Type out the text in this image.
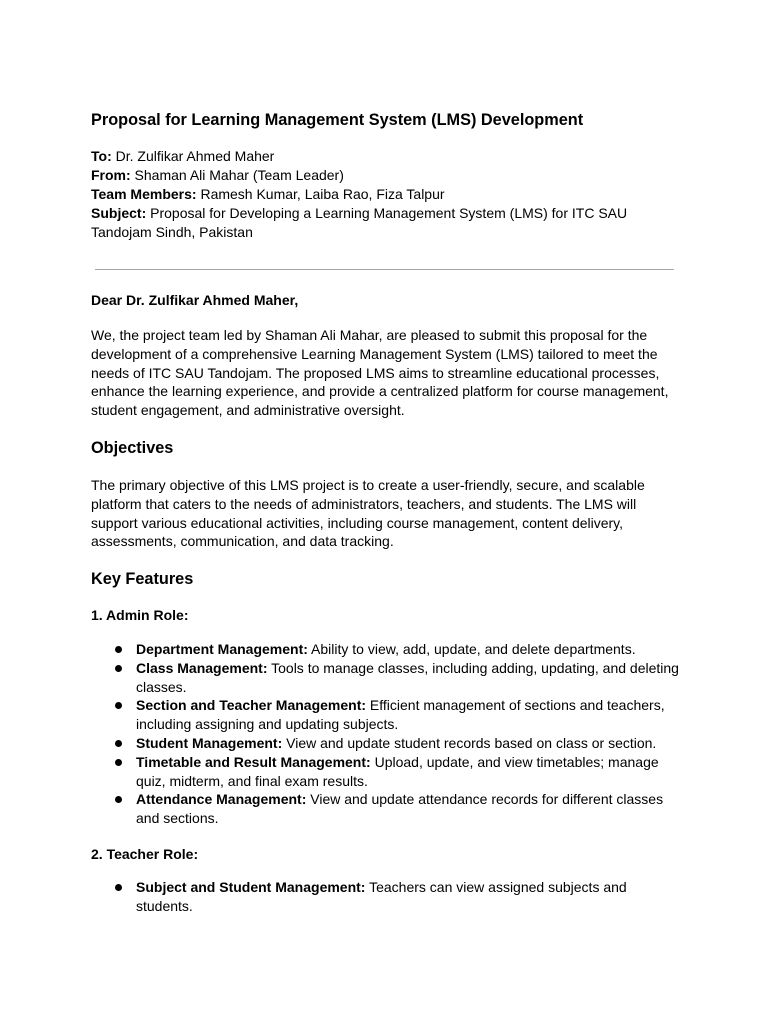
Proposal for Learning Management System (LMS) Development

To: Dr. Zulfikar Ahmed Maher

From: Shaman Ali Mahar (Team Leader)

Team Members: Ramesh Kumar, Laiba Rao, Fiza Talpur

Subject: Proposal for Developing a Learning Management System (LMS) for ITC SAU Tandojam Sindh, Pakistan

Dear Dr. Zulfikar Ahmed Maher,

We, the project team led by Shaman Ali Mahar, are pleased to submit this proposal for the development of a comprehensive Learning Management System (LMS) tailored to meet the needs of ITC SAU Tandojam. The proposed LMS aims to streamline educational processes, enhance the learning experience, and provide a centralized platform for course management, student engagement, and administrative oversight.

Objectives

The primary objective of this LMS project is to create a user-friendly, secure, and scalable platform that caters to the needs of administrators, teachers, and students. The LMS will support various educational activities, including course management, content delivery, assessments, communication, and data tracking.

Key Features
1. Admin Role:
Department Management: Ability to view, add, update, and delete departments.
Class Management: Tools to manage classes, including adding, updating, and deleting classes.
Section and Teacher Management: Efficient management of sections and teachers, including assigning and updating subjects.
Student Management: View and update student records based on class or section.
Timetable and Result Management: Upload, update, and view timetables; manage quiz, midterm, and final exam results.
Attendance Management: View and update attendance records for different classes and sections.
2. Teacher Role:
Subject and Student Management: Teachers can view assigned subjects and students.
